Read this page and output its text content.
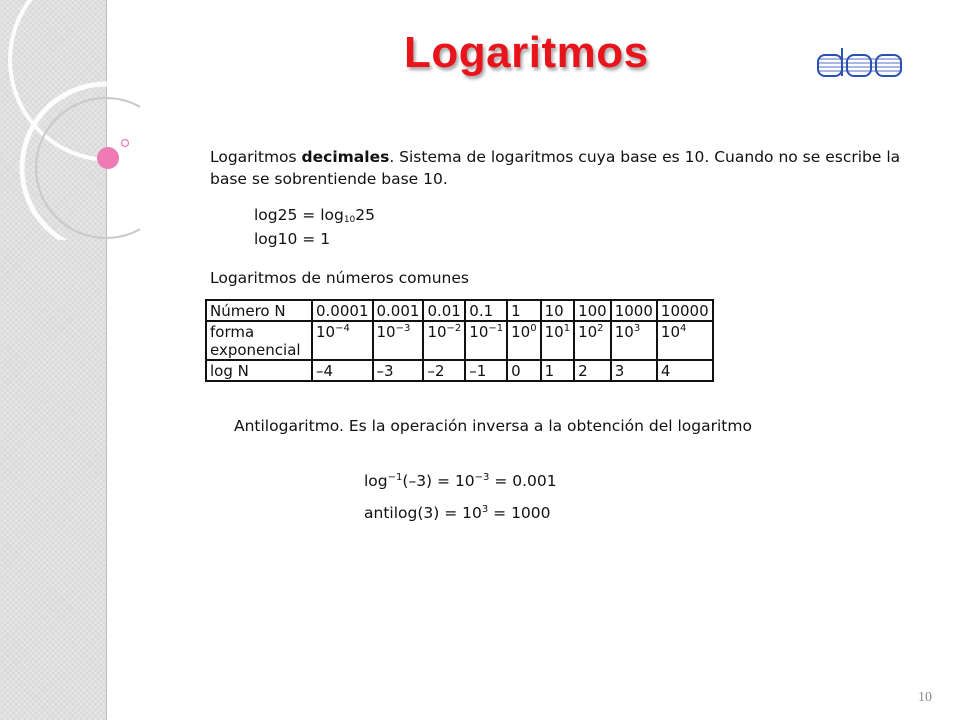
Logaritmos

Logaritmos decimales. Sistema de logaritmos cuya base es 10. Cuando no se escribe la base se sobrentiende base 10.

$\log 25 = \log_{10}25$
log10 = 1
Logaritmos de números comunes
Número N	0.0001	0.001	0.01	0.1	1	10	100	1000	10000
forma
exponencial	$10^{-4}$	$10^{-3}$	$10^{-2}$	$10^{-1}$	$10^0$	$10^1$	$10^2$	$10^3$	$10^4$
log N	–4	–3	–2	–1	0	1	2	3	4
Antilogaritmo. Es la operación inversa a la obtención del logaritmo
$\log^{-1}(-3) = 10^{-3} = 0.001$
antilog(3) = $10^3 = 1000$
10
